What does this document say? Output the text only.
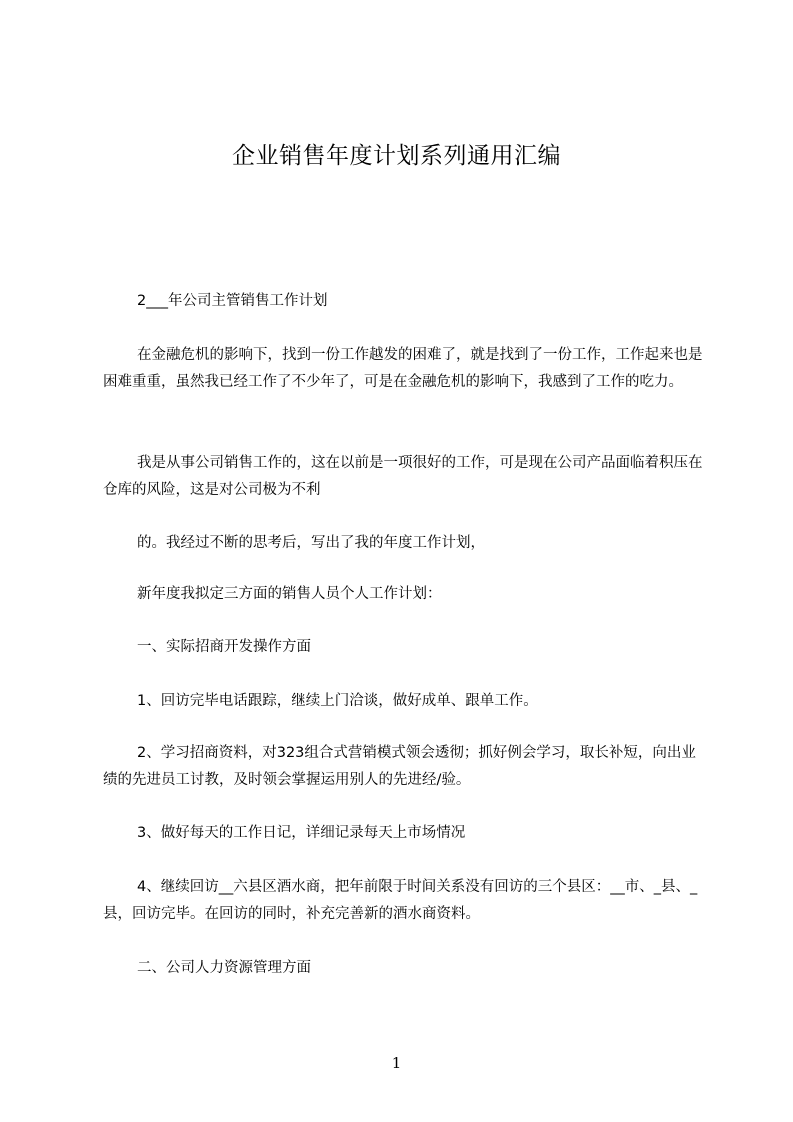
企业销售年度计划系列通用汇编

2___年公司主管销售工作计划

在金融危机的影响下，找到一份工作越发的困难了，就是找到了一份工作，工作起来也是困难重重，虽然我已经工作了不少年了，可是在金融危机的影响下，我感到了工作的吃力。

我是从事公司销售工作的，这在以前是一项很好的工作，可是现在公司产品面临着积压在仓库的风险，这是对公司极为不利

的。我经过不断的思考后，写出了我的年度工作计划，

新年度我拟定三方面的销售人员个人工作计划：

一、实际招商开发操作方面

1、回访完毕电话跟踪，继续上门洽谈，做好成单、跟单工作。

2、学习招商资料，对323组合式营销模式领会透彻；抓好例会学习，取长补短，向出业绩的先进员工讨教，及时领会掌握运用别人的先进经/验。

3、做好每天的工作日记，详细记录每天上市场情况

4、继续回访__六县区酒水商，把年前限于时间关系没有回访的三个县区：__市、_县、_县，回访完毕。在回访的同时，补充完善新的酒水商资料。

二、公司人力资源管理方面

1
